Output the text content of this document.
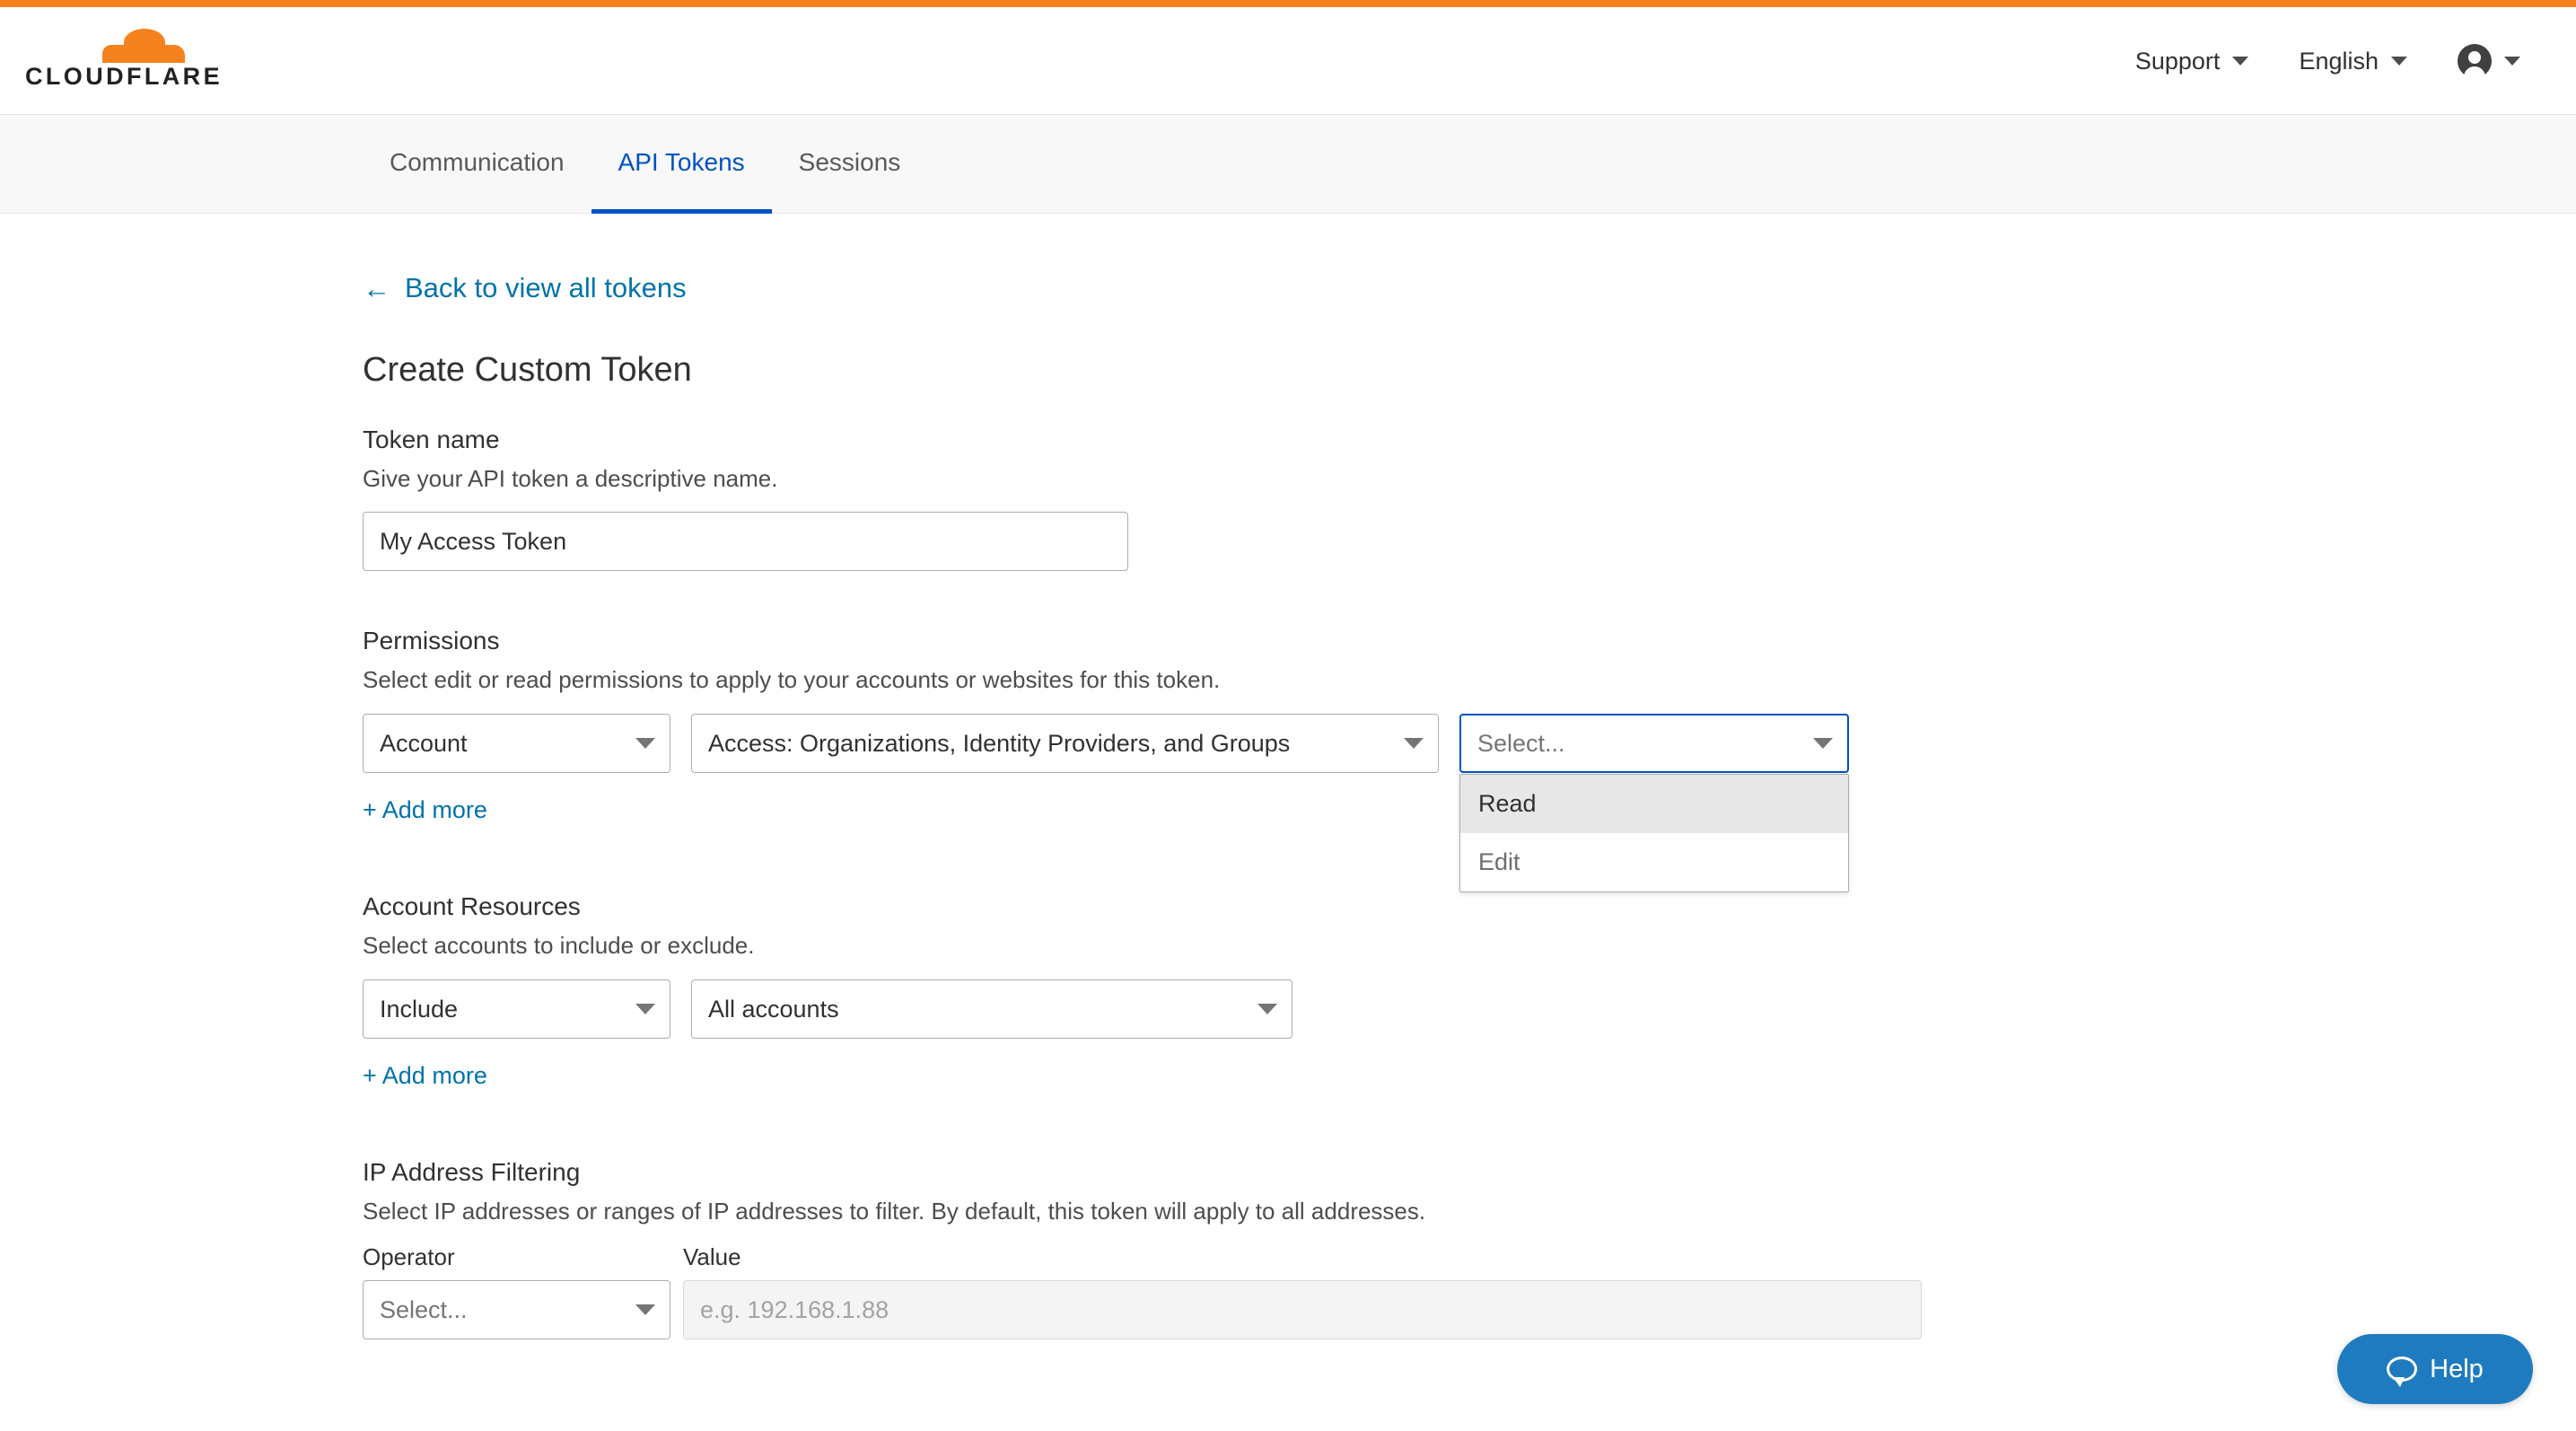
CLOUDFLARE
Support	English
Communication API Tokens Sessions
← Back to view all tokens
Create Custom Token
Token name
Give your API token a descriptive name.
My Access Token
Permissions
Select edit or read permissions to apply to your accounts or websites for this token.
Account	Access: Organizations, Identity Providers, and Groups	Select...
Read
Edit
+ Add more
Account Resources
Select accounts to include or exclude.
Include	All accounts
+ Add more
IP Address Filtering
Select IP addresses or ranges of IP addresses to filter. By default, this token will apply to all addresses.
Operator
Select...
Value
e.g. 192.168.1.88
Help
